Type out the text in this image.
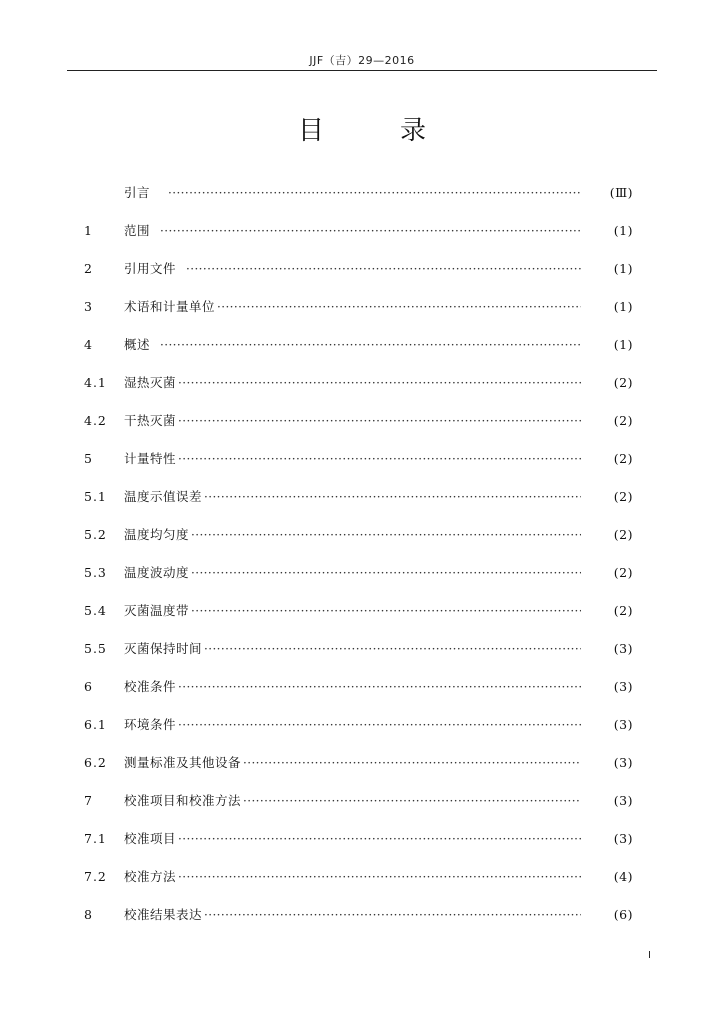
JJF（吉）29—2016
目	录
引言 ·····	(Ⅲ)
1	范围 ·····	(1)
2	引用文件 ·····	(1)
3	术语和计量单位 ·····	(1)
4	概述 ·····	(1)
4.1	湿热灭菌 ·····	(2)
4.2	干热灭菌 ·····	(2)
5	计量特性 ·····	(2)
5.1	温度示值误差 ·····	(2)
5.2	温度均匀度 ·····	(2)
5.3	温度波动度 ·····	(2)
5.4	灭菌温度带 ·····	(2)
5.5	灭菌保持时间 ·····	(3)
6	校准条件 ·····	(3)
6.1	环境条件 ·····	(3)
6.2	测量标准及其他设备 ·····	(3)
7	校准项目和校准方法 ·····	(3)
7.1	校准项目 ·····	(3)
7.2	校准方法 ·····	(4)
8	校准结果表达 ·····	(6)
I
